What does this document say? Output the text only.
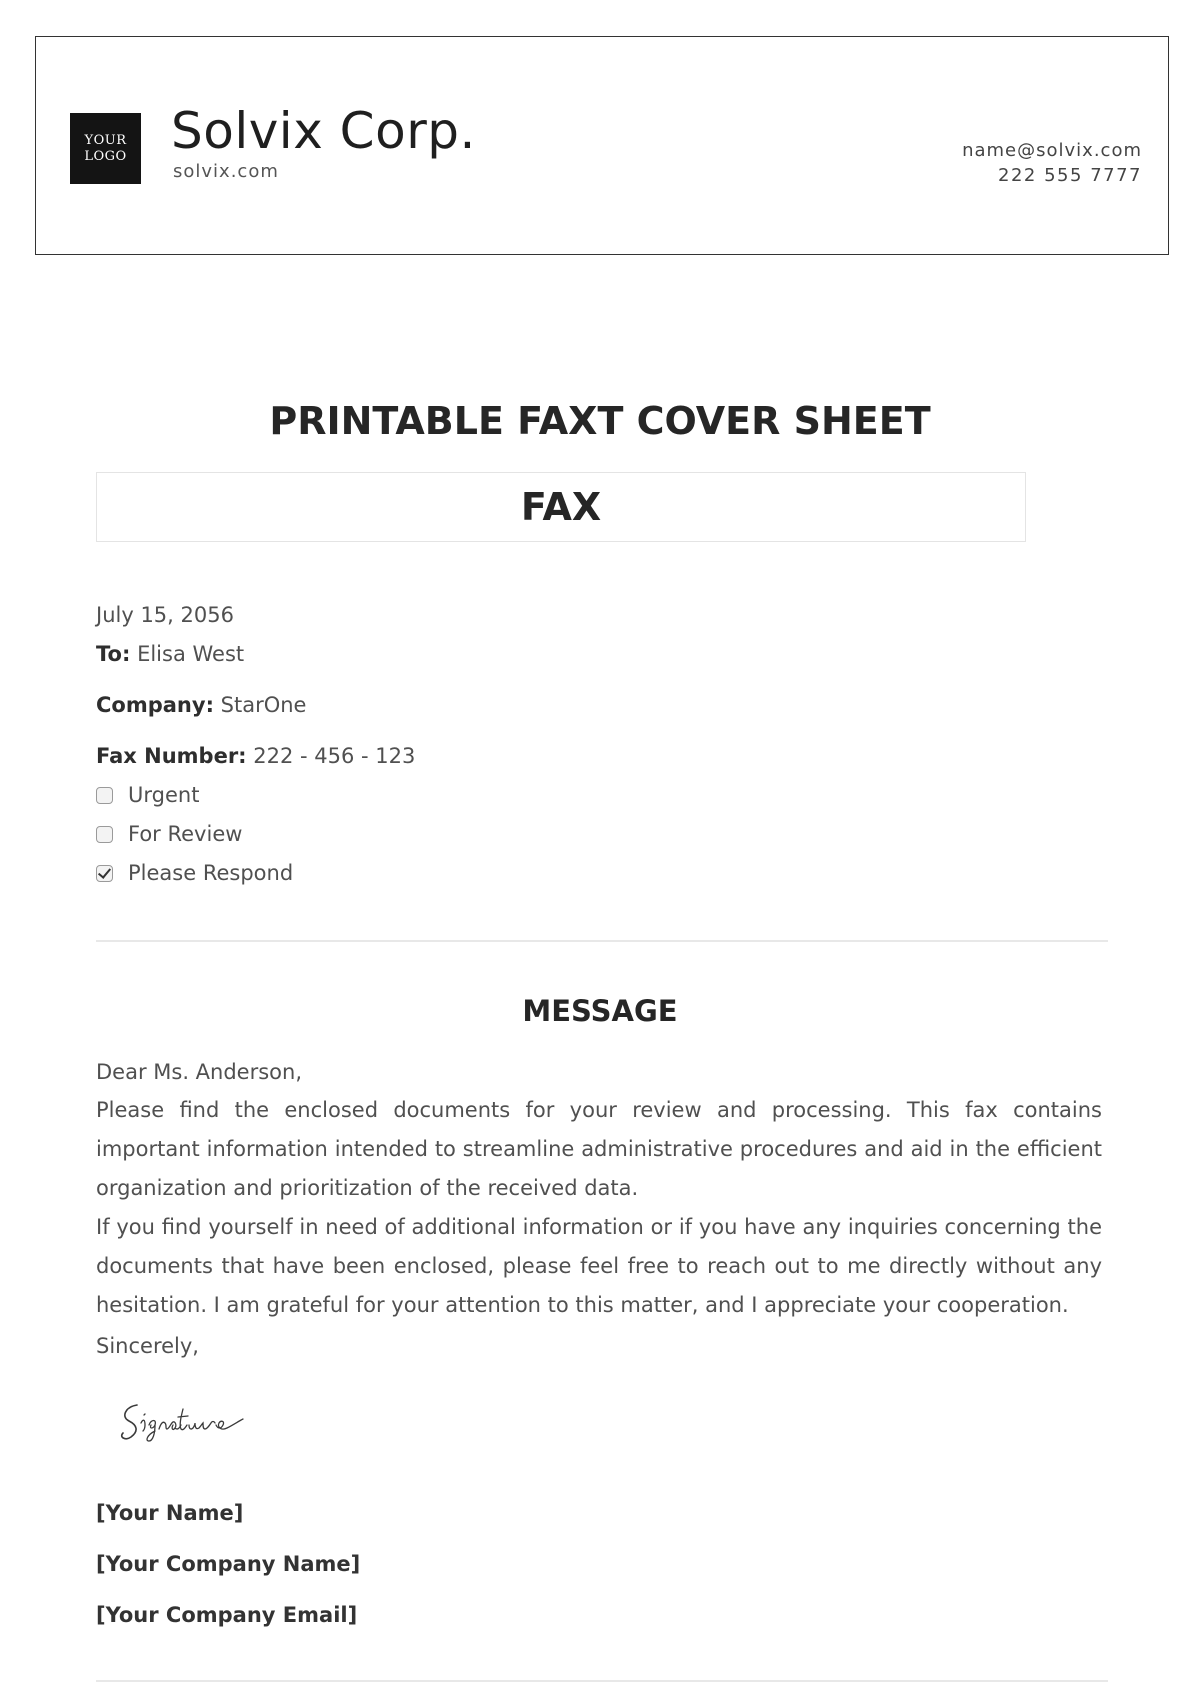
YOUR
LOGO Solvix Corp.
solvix.com
name@solvix.com
222 555 7777
PRINTABLE FAXT COVER SHEET
FAX
July 15, 2056
To: Elisa West
Company: StarOne
Fax Number: 222 - 456 - 123
Urgent
For Review
Please Respond
MESSAGE
Dear Ms. Anderson,

Please find the enclosed documents for your review and processing. This fax contains important information intended to streamline administrative procedures and aid in the efficient organization and prioritization of the received data.

If you find yourself in need of additional information or if you have any inquiries concerning the documents that have been enclosed, please feel free to reach out to me directly without any hesitation. I am grateful for your attention to this matter, and I appreciate your cooperation.

Sincerely,
[Your Name]
[Your Company Name]
[Your Company Email]
